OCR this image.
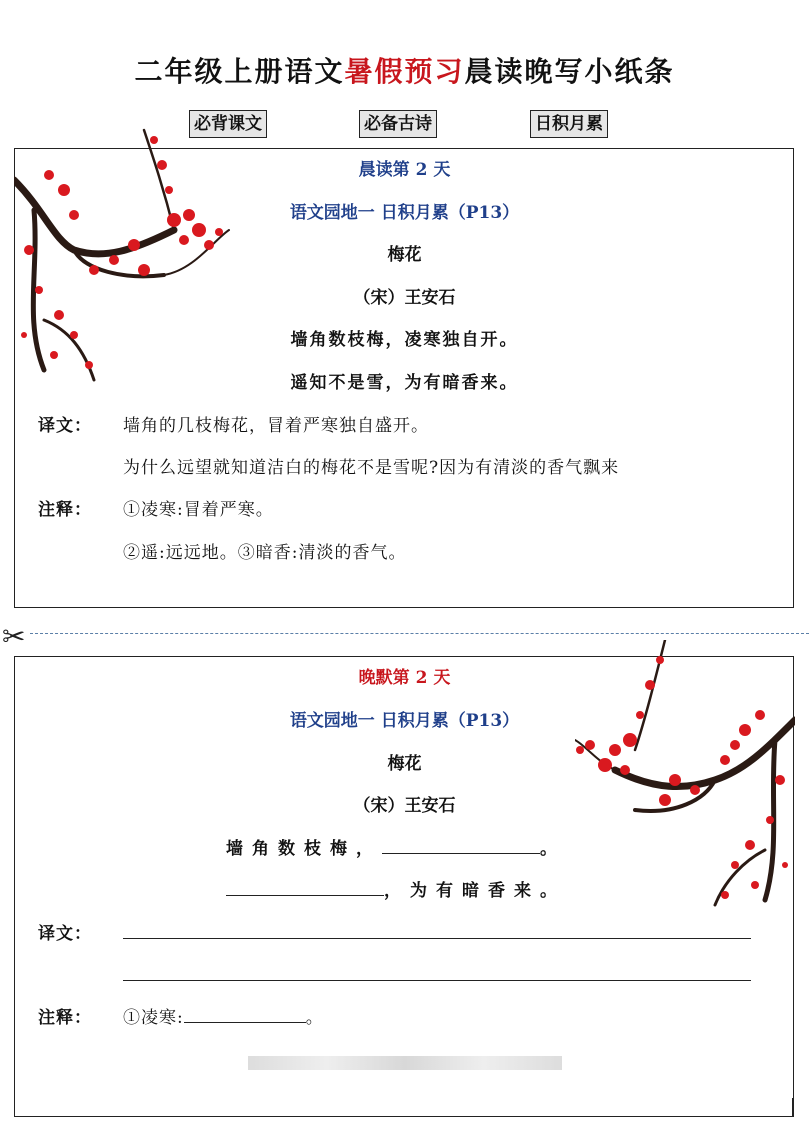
二年级上册语文暑假预习晨读晚写小纸条
必背课文	必备古诗	日积月累
晨读第 2 天
语文园地一 日积月累（P13）
梅花
（宋）王安石
墙角数枝梅，凌寒独自开。
遥知不是雪，为有暗香来。
译文： 墙角的几枝梅花，冒着严寒独自盛开。
为什么远望就知道洁白的梅花不是雪呢?因为有清淡的香气飘来
注释： ①凌寒:冒着严寒。
②遥:远远地。③暗香:清淡的香气。
✂
晚默第 2 天
语文园地一 日积月累（P13）
梅花
（宋）王安石
墙角数枝梅，	。
，为有暗香来。
译文：
注释： ①凌寒:	。
